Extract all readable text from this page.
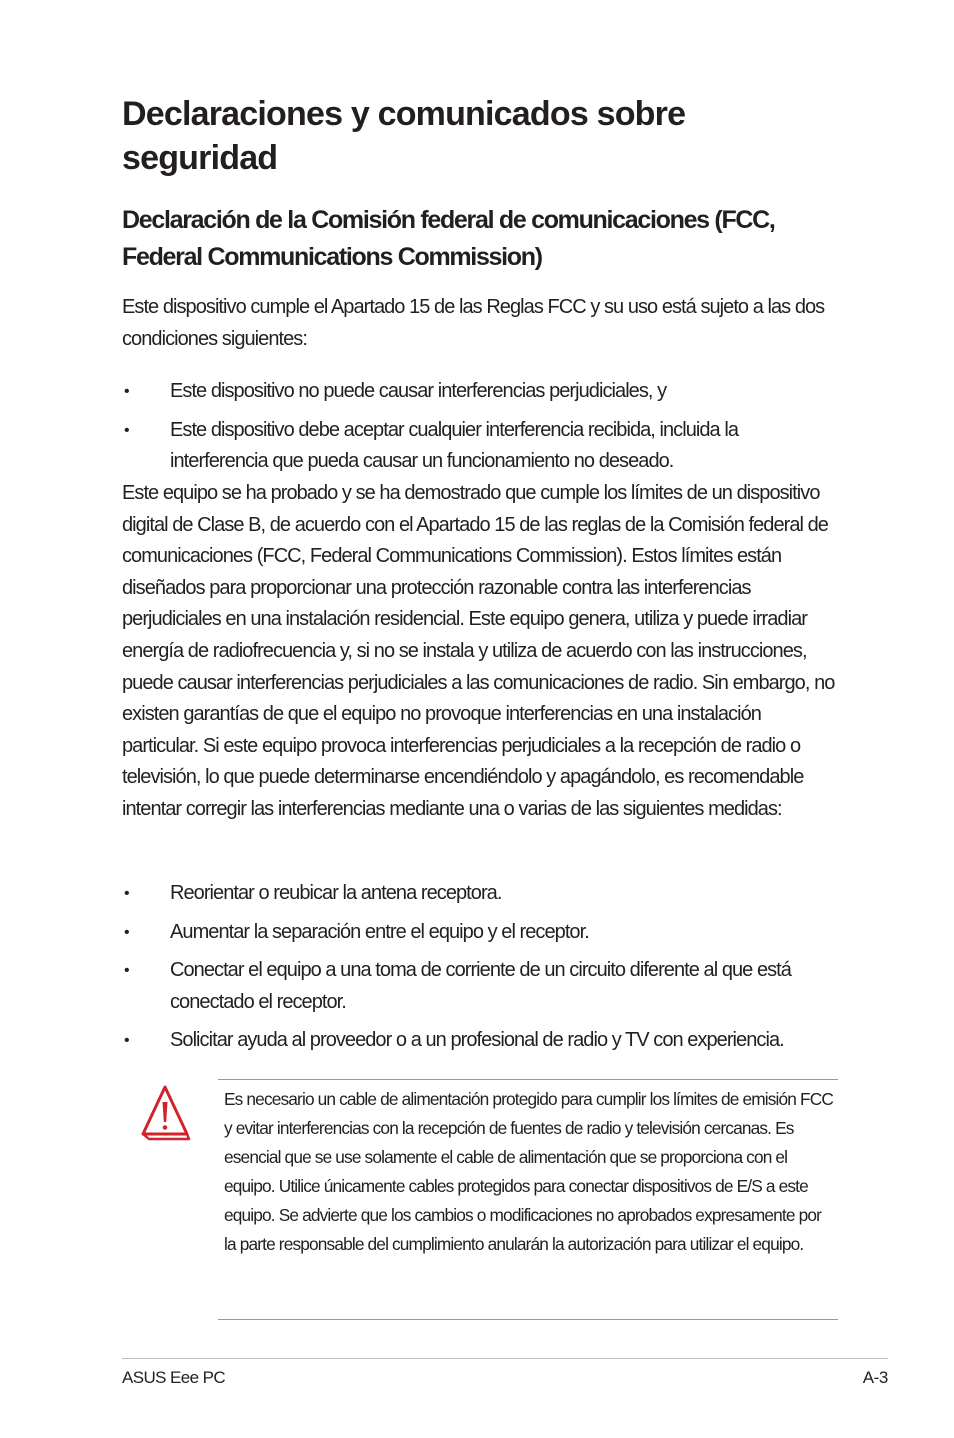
Declaraciones y comunicados sobre seguridad
Declaración de la Comisión federal de comunicaciones (FCC, Federal Communications Commission)

Este dispositivo cumple el Apartado 15 de las Reglas FCC y su uso está sujeto a las dos condiciones siguientes:

• Este dispositivo no puede causar interferencias perjudiciales, y
• Este dispositivo debe aceptar cualquier interferencia recibida, incluida la interferencia que pueda causar un funcionamiento no deseado.

Este equipo se ha probado y se ha demostrado que cumple los límites de un dispositivo digital de Clase B, de acuerdo con el Apartado 15 de las reglas de la Comisión federal de comunicaciones (FCC, Federal Communications Commission). Estos límites están diseñados para proporcionar una protección razonable contra las interferencias perjudiciales en una instalación residencial. Este equipo genera, utiliza y puede irradiar energía de radiofrecuencia y, si no se instala y utiliza de acuerdo con las instrucciones, puede causar interferencias perjudiciales a las comunicaciones de radio. Sin embargo, no existen garantías de que el equipo no provoque interferencias en una instalación particular. Si este equipo provoca interferencias perjudiciales a la recepción de radio o televisión, lo que puede determinarse encendiéndolo y apagándolo, es recomendable intentar corregir las interferencias mediante una o varias de las siguientes medidas:

• Reorientar o reubicar la antena receptora.
• Aumentar la separación entre el equipo y el receptor.
• Conectar el equipo a una toma de corriente de un circuito diferente al que está conectado el receptor.
• Solicitar ayuda al proveedor o a un profesional de radio y TV con experiencia.

Es necesario un cable de alimentación protegido para cumplir los límites de emisión FCC y evitar interferencias con la recepción de fuentes de radio y televisión cercanas. Es esencial que se use solamente el cable de alimentación que se proporciona con el equipo. Utilice únicamente cables protegidos para conectar dispositivos de E/S a este equipo. Se advierte que los cambios o modificaciones no aprobados expresamente por la parte responsable del cumplimiento anularán la autorización para utilizar el equipo.

ASUS Eee PC	A-3
